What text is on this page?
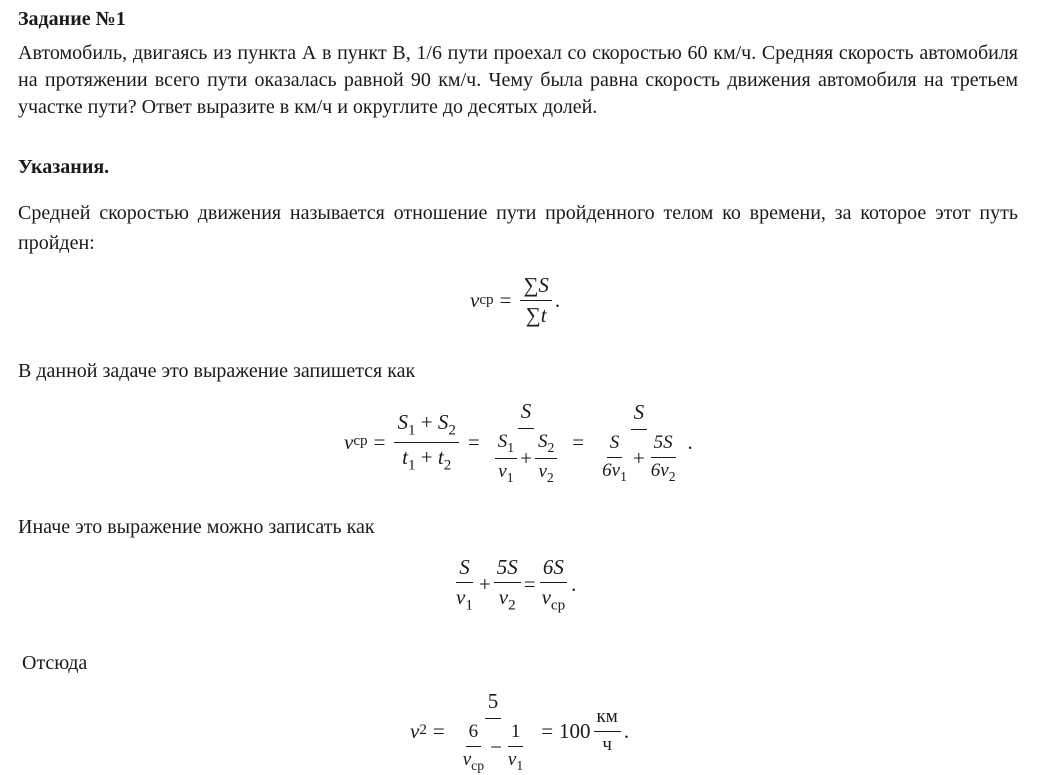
Задание №1
Автомобиль, двигаясь из пункта А в пункт В, 1/6 пути проехал со скоростью 60 км/ч. Средняя скорость автомобиля на протяжении всего пути оказалась равной 90 км/ч. Чему была равна скорость движения автомобиля на третьем участке пути? Ответ выразите в км/ч и округлите до десятых долей.
Указания.
Средней скоростью движения называется отношение пути пройденного телом ко времени, за которое этот путь пройден:
v ср = $\frac{\sum S}{\sum t}$ .
В данной задаче это выражение запишется как
v ср = $\frac{S_1 + S_2}{t_1 + t_2} = \frac{S}{\frac{S_1}{v_1} + \frac{S_2}{v_2}} = \frac{S}{\frac{S}{6v_1} + \frac{5S}{6v_2}}$ .
Иначе это выражение можно записать как
$\frac{S}{v_1} + \frac{5S}{v_2} = \frac{6S}{v_{ср}}$ .
Отсюда
v $2 = \frac{5}{\frac{6}{v_{ср}} - \frac{1}{v_1}} = 100 \frac{км}{ч}$ .
